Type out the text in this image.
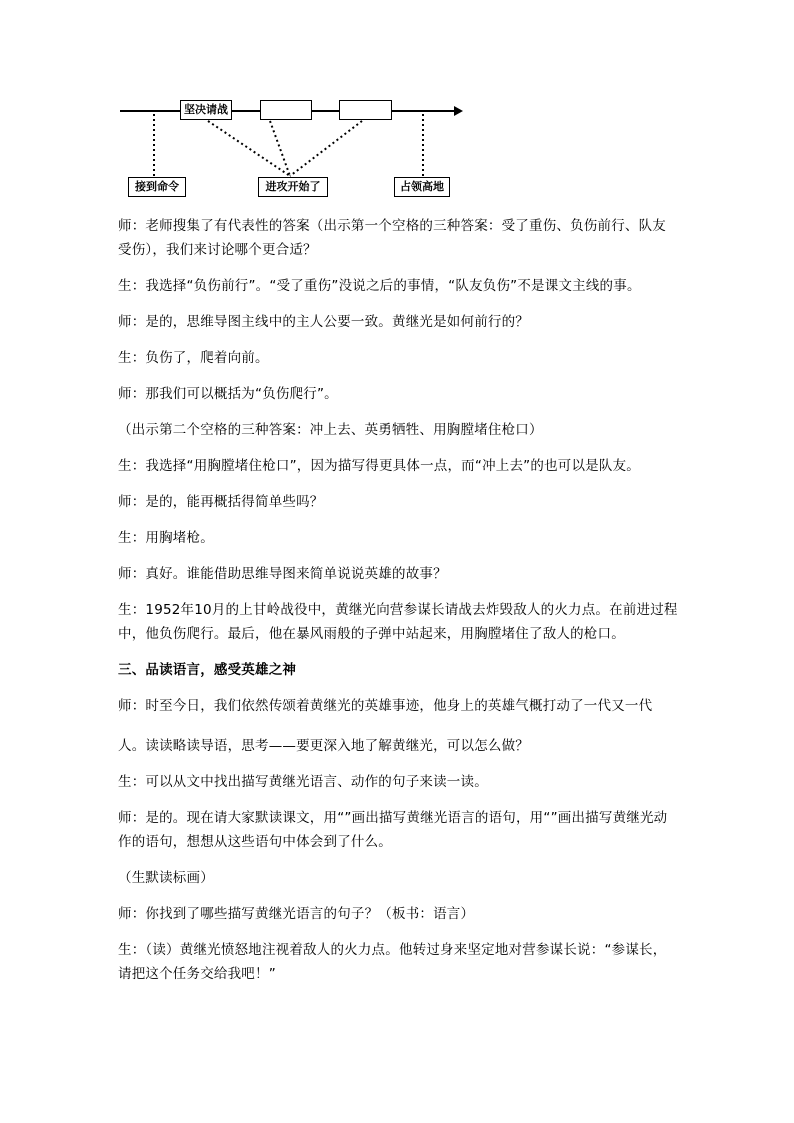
坚决请战
接到命令	进攻开始了	占领高地

师：老师搜集了有代表性的答案（出示第一个空格的三种答案：受了重伤、负伤前行、队友受伤），我们来讨论哪个更合适？

生：我选择“负伤前行”。“受了重伤”没说之后的事情，“队友负伤”不是课文主线的事。

师：是的，思维导图主线中的主人公要一致。黄继光是如何前行的？

生：负伤了，爬着向前。

师：那我们可以概括为“负伤爬行”。

（出示第二个空格的三种答案：冲上去、英勇牺牲、用胸膛堵住枪口）

生：我选择“用胸膛堵住枪口”，因为描写得更具体一点，而“冲上去”的也可以是队友。

师：是的，能再概括得简单些吗？

生：用胸堵枪。

师：真好。谁能借助思维导图来简单说说英雄的故事？

生：1952年10月的上甘岭战役中，黄继光向营参谋长请战去炸毁敌人的火力点。在前进过程中，他负伤爬行。最后，他在暴风雨般的子弹中站起来，用胸膛堵住了敌人的枪口。

三、品读语言，感受英雄之神

师：时至今日，我们依然传颂着黄继光的英雄事迹，他身上的英雄气概打动了一代又一代

人。读读略读导语，思考——要更深入地了解黄继光，可以怎么做？

生：可以从文中找出描写黄继光语言、动作的句子来读一读。

师：是的。现在请大家默读课文，用“”画出描写黄继光语言的语句，用“”画出描写黄继光动作的语句，想想从这些语句中体会到了什么。

（生默读标画）

师：你找到了哪些描写黄继光语言的句子？（板书：语言）

生：（读）黄继光愤怒地注视着敌人的火力点。他转过身来坚定地对营参谋长说：“参谋长，请把这个任务交给我吧！”
